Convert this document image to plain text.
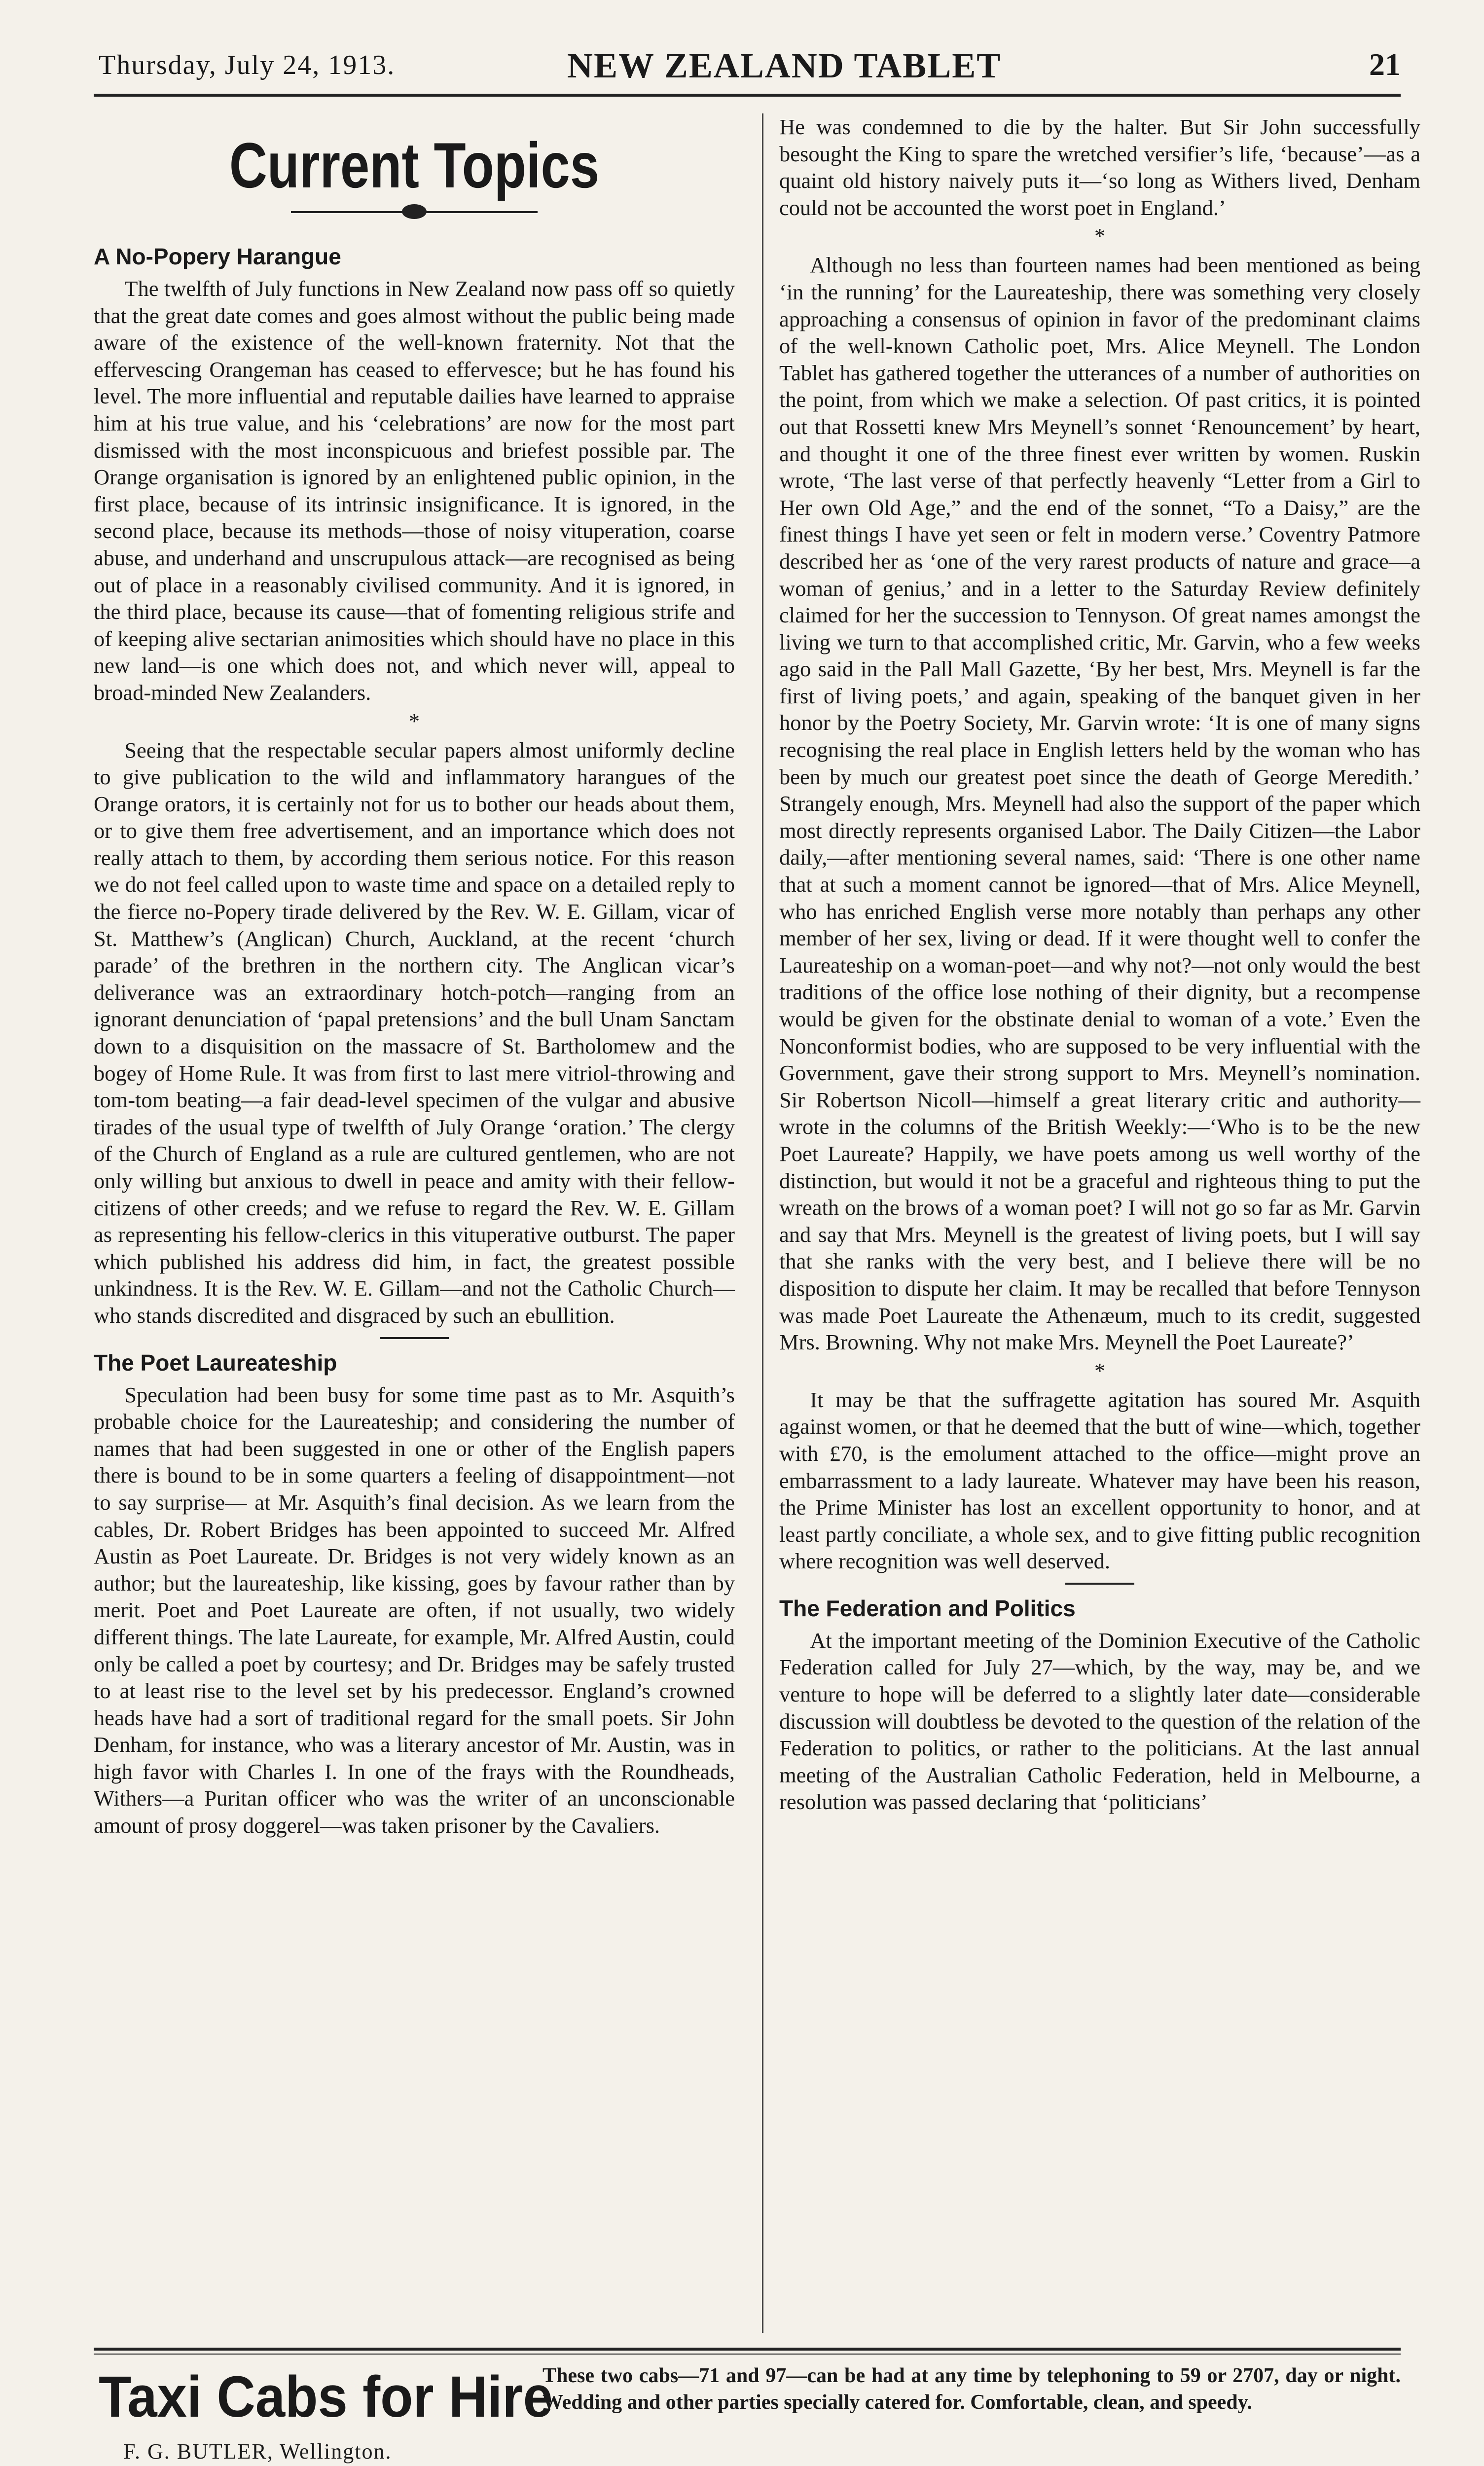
Thursday, July 24, 1913.	NEW ZEALAND TABLET	21
Current Topics
A No-Popery Harangue

The twelfth of July functions in New Zealand now pass off so quietly that the great date comes and goes almost without the public being made aware of the existence of the well-known fraternity. Not that the effervescing Orangeman has ceased to effervesce; but he has found his level. The more influential and reputable dailies have learned to appraise him at his true value, and his ‘celebrations’ are now for the most part dismissed with the most inconspicuous and briefest possible par. The Orange organisation is ignored by an enlightened public opinion, in the first place, because of its intrinsic insignificance. It is ignored, in the second place, because its methods—those of noisy vituperation, coarse abuse, and underhand and unscrupulous attack—are recognised as being out of place in a reasonably civilised community. And it is ignored, in the third place, because its cause—that of fomenting religious strife and of keeping alive sectarian animosities which should have no place in this new land—is one which does not, and which never will, appeal to broad-minded New Zealanders.

*

Seeing that the respectable secular papers almost uniformly decline to give publication to the wild and inflammatory harangues of the Orange orators, it is certainly not for us to bother our heads about them, or to give them free advertisement, and an importance which does not really attach to them, by according them serious notice. For this reason we do not feel called upon to waste time and space on a detailed reply to the fierce no-Popery tirade delivered by the Rev. W. E. Gillam, vicar of St. Matthew’s (Anglican) Church, Auckland, at the recent ‘church parade’ of the brethren in the northern city. The Anglican vicar’s deliverance was an extraordinary hotch-potch—ranging from an ignorant denunciation of ‘papal pretensions’ and the bull Unam Sanctam down to a disquisition on the massacre of St. Bartholomew and the bogey of Home Rule. It was from first to last mere vitriol-throwing and tom-tom beating—a fair dead-level specimen of the vulgar and abusive tirades of the usual type of twelfth of July Orange ‘oration.’ The clergy of the Church of England as a rule are cultured gentlemen, who are not only willing but anxious to dwell in peace and amity with their fellow-citizens of other creeds; and we refuse to regard the Rev. W. E. Gillam as representing his fellow-clerics in this vituperative outburst. The paper which published his address did him, in fact, the greatest possible unkindness. It is the Rev. W. E. Gillam—and not the Catholic Church—who stands discredited and disgraced by such an ebullition.

The Poet Laureateship

Speculation had been busy for some time past as to Mr. Asquith’s probable choice for the Laureateship; and considering the number of names that had been suggested in one or other of the English papers there is bound to be in some quarters a feeling of disappointment—not to say surprise— at Mr. Asquith’s final decision. As we learn from the cables, Dr. Robert Bridges has been appointed to succeed Mr. Alfred Austin as Poet Laureate. Dr. Bridges is not very widely known as an author; but the laureateship, like kissing, goes by favour rather than by merit. Poet and Poet Laureate are often, if not usually, two widely different things. The late Laureate, for example, Mr. Alfred Austin, could only be called a poet by courtesy; and Dr. Bridges may be safely trusted to at least rise to the level set by his predecessor. England’s crowned heads have had a sort of traditional regard for the small poets. Sir John Denham, for instance, who was a literary ancestor of Mr. Austin, was in high favor with Charles I. In one of the frays with the Roundheads, Withers—a Puritan officer who was the writer of an unconscionable amount of prosy doggerel—was taken prisoner by the Cavaliers.

He was condemned to die by the halter. But Sir John successfully besought the King to spare the wretched versifier’s life, ‘because’—as a quaint old history naively puts it—‘so long as Withers lived, Denham could not be accounted the worst poet in England.’

*

Although no less than fourteen names had been mentioned as being ‘in the running’ for the Laureateship, there was something very closely approaching a consensus of opinion in favor of the predominant claims of the well-known Catholic poet, Mrs. Alice Meynell. The London Tablet has gathered together the utterances of a number of authorities on the point, from which we make a selection. Of past critics, it is pointed out that Rossetti knew Mrs Meynell’s sonnet ‘Renouncement’ by heart, and thought it one of the three finest ever written by women. Ruskin wrote, ‘The last verse of that perfectly heavenly “Letter from a Girl to Her own Old Age,” and the end of the sonnet, “To a Daisy,” are the finest things I have yet seen or felt in modern verse.’ Coventry Patmore described her as ‘one of the very rarest products of nature and grace—a woman of genius,’ and in a letter to the Saturday Review definitely claimed for her the succession to Tennyson. Of great names amongst the living we turn to that accomplished critic, Mr. Garvin, who a few weeks ago said in the Pall Mall Gazette, ‘By her best, Mrs. Meynell is far the first of living poets,’ and again, speaking of the banquet given in her honor by the Poetry Society, Mr. Garvin wrote: ‘It is one of many signs recognising the real place in English letters held by the woman who has been by much our greatest poet since the death of George Meredith.’ Strangely enough, Mrs. Meynell had also the support of the paper which most directly represents organised Labor. The Daily Citizen—the Labor daily,—after mentioning several names, said: ‘There is one other name that at such a moment cannot be ignored—that of Mrs. Alice Meynell, who has enriched English verse more notably than perhaps any other member of her sex, living or dead. If it were thought well to confer the Laureateship on a woman-poet—and why not?—not only would the best traditions of the office lose nothing of their dignity, but a recompense would be given for the obstinate denial to woman of a vote.’ Even the Nonconformist bodies, who are supposed to be very influential with the Government, gave their strong support to Mrs. Meynell’s nomination. Sir Robertson Nicoll—himself a great literary critic and authority—wrote in the columns of the British Weekly:—‘Who is to be the new Poet Laureate? Happily, we have poets among us well worthy of the distinction, but would it not be a graceful and righteous thing to put the wreath on the brows of a woman poet? I will not go so far as Mr. Garvin and say that Mrs. Meynell is the greatest of living poets, but I will say that she ranks with the very best, and I believe there will be no disposition to dispute her claim. It may be recalled that before Tennyson was made Poet Laureate the Athenæum, much to its credit, suggested Mrs. Browning. Why not make Mrs. Meynell the Poet Laureate?’

*

It may be that the suffragette agitation has soured Mr. Asquith against women, or that he deemed that the butt of wine—which, together with £70, is the emolument attached to the office—might prove an embarrassment to a lady laureate. Whatever may have been his reason, the Prime Minister has lost an excellent opportunity to honor, and at least partly conciliate, a whole sex, and to give fitting public recognition where recognition was well deserved.

The Federation and Politics

At the important meeting of the Dominion Executive of the Catholic Federation called for July 27—which, by the way, may be, and we venture to hope will be deferred to a slightly later date—considerable discussion will doubtless be devoted to the question of the relation of the Federation to politics, or rather to the politicians. At the last annual meeting of the Australian Catholic Federation, held in Melbourne, a resolution was passed declaring that ‘politicians’

Taxi Cabs for Hire
These two cabs—71 and 97—can be had at any time by telephoning to 59 or 2707, day or night. Wedding and other parties specially catered for. Comfortable, clean, and speedy.
F. G. BUTLER, Wellington.
